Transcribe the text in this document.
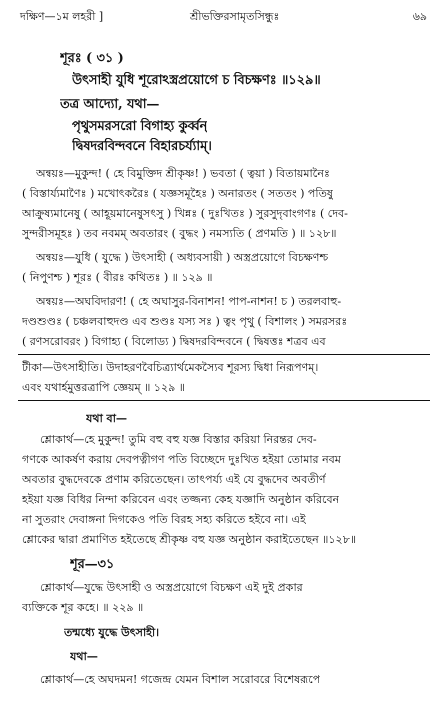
দক্ষিণ—১ম লহরী ]	শ্রীভক্তিরসামৃতসিন্ধুঃ	৬৯
শূরঃ ( ৩১ )
উৎসাহী যুধি শূরোঽস্ত্রপ্রয়োগে চ বিচক্ষণঃ ॥১২৯॥
তত্র আদ্যো, যথা—
পৃথুসমরসরো বিগাহ্য কুর্ব্বন্
দ্বিষদরবিন্দবনে বিহারচর্য্যাম্।
অন্বয়ঃ—মুকুন্দ! ( হে বিমুক্তিদ শ্রীকৃষ্ণ! ) ভবতা ( ত্বয়া ) বিতায়মানৈঃ
( বিস্তার্য্যমাণৈঃ ) মখোৎকরৈঃ ( যজ্ঞসমূহৈঃ ) অনারতং ( সততং ) পতিষু
আক্রুষ্যমানেষু ( আহূয়মানেষুসৎসু ) খিন্নঃ ( দুঃখিতঃ ) সুরসুদৃবাংগণঃ ( দেব-
সুন্দরীসমূহঃ ) তব নবমম্ অবতারং ( বুদ্ধং ) নমস্যতি ( প্রণমতি ) ॥ ১২৮॥
অন্বয়ঃ—যুধি ( যুদ্ধে ) উৎসাহী ( অধ্যবসায়ী ) অস্ত্রপ্রয়োগে বিচক্ষণশ্চ
( নিপুণশ্চ ) শূরঃ ( বীরঃ কথিতঃ ) ॥ ১২৯ ॥
অন্বয়ঃ—অঘবিদারণ! ( হে অঘাসুর-বিনাশন! পাপ-নাশন! চ ) তরলবাহু-
দণ্ডশুণ্ডঃ ( চঞ্চলবাহুদণ্ড এব শুণ্ডঃ যস্য সঃ ) ত্বং পৃথু ( বিশালং ) সমরসরঃ
( রণসরোবরং ) বিগাহ্য ( বিলোড্য ) দ্বিষদরবিন্দবনে ( দ্বিষত্তঃ শত্রব এব
টীকা—উৎসাহীতি। উদাহরণবৈচিত্র্যার্থমেকস্যৈব শূরস্য দ্বিধা নিরূপণম্।
এবং যথার্হমুত্তরত্রাপি জ্ঞেয়ম্ ॥ ১২৯ ॥
যথা বা—
শ্লোকার্থ—হে মুকুন্দ! তুমি বহু বহু যজ্ঞ বিস্তার করিয়া নিরন্তর দেব-
গণকে আকর্ষণ করায় দেবপত্নীগণ পতি বিচ্ছেদে দুঃখিত হইয়া তোমার নবম
অবতার বুদ্ধদেবকে প্রণাম করিতেছেন। তাৎপর্য্য এই যে বুদ্ধদেব অবতীর্ণ
হইয়া যজ্ঞ বিধির নিন্দা করিবেন এবং তজ্জন্য কেহ যজ্ঞাদি অনুষ্ঠান করিবেন
না সুতরাং দেবাঙ্গনা দিগকেও পতি বিরহ সহ্য করিতে হইবে না। এই
শ্লোকের দ্বারা প্রমাণিত হইতেছে শ্রীকৃষ্ণ বহু যজ্ঞ অনুষ্ঠান করাইতেছেন ॥১২৮॥
শূর—৩১
শ্লোকার্থ—যুদ্ধে উৎসাহী ও অস্ত্রপ্রয়োগে বিচক্ষণ এই দুই প্রকার
ব্যক্তিকে শূর কহে। ॥ ২২৯ ॥
তন্মধ্যে যুদ্ধে উৎসাহী।
যথা—
শ্লোকার্থ—হে অঘদমন! গজেন্দ্র যেমন বিশাল সরোবরে বিশেষরূপে
